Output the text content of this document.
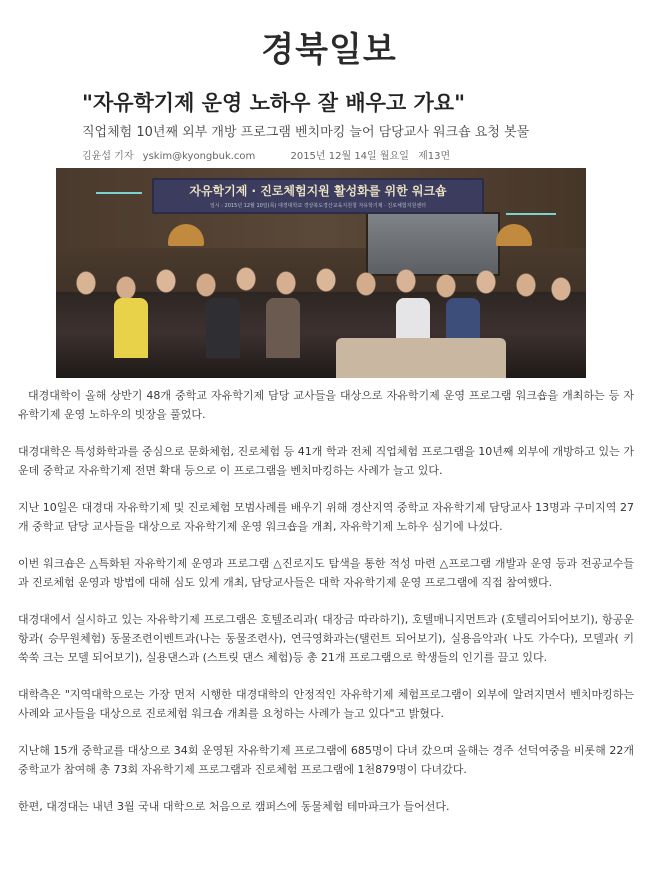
경북일보
"자유학기제 운영 노하우 잘 배우고 가요"
직업체험 10년째 외부 개방 프로그램 벤치마킹 늘어 담당교사 워크숍 요청 봇물
김윤섭 기자 yskim@kyongbuk.com	2015년 12월 14일 월요일 제13면
자유학기제 · 진로체험지원 활성화를 위한 워크숍
일시 : 2015년 12월 10일(목) 대경대학교 경상북도경산교육지원청 자유학기제 · 진로체험지원센터

대경대학이 올해 상반기 48개 중학교 자유학기제 담당 교사들을 대상으로 자유학기제 운영 프로그램 워크숍을 개최하는 등 자유학기제 운영 노하우의 빗장을 풀었다.

대경대학은 특성화학과를 중심으로 문화체험, 진로체험 등 41개 학과 전체 직업체험 프로그램을 10년째 외부에 개방하고 있는 가운데 중학교 자유학기제 전면 확대 등으로 이 프로그램을 벤치마킹하는 사례가 늘고 있다.

지난 10일은 대경대 자유학기제 및 진로체험 모범사례를 배우기 위해 경산지역 중학교 자유학기제 담당교사 13명과 구미지역 27개 중학교 담당 교사들을 대상으로 자유학기제 운영 워크숍을 개최, 자유학기제 노하우 심기에 나섰다.

이번 워크숍은 △특화된 자유학기제 운영과 프로그램 △진로지도 탐색을 통한 적성 마련 △프로그램 개발과 운영 등과 전공교수들과 진로체험 운영과 방법에 대해 심도 있게 개최, 담당교사들은 대학 자유학기제 운영 프로그램에 직접 참여했다.

대경대에서 실시하고 있는 자유학기제 프로그램은 호텔조리과( 대장금 따라하기), 호텔매니지먼트과 (호텔리어되어보기), 항공운항과( 승무원체험) 동물조련이벤트과(나는 동물조련사), 연극영화과는(탤런트 되어보기), 실용음악과( 나도 가수다), 모델과( 키 쑥쑥 크는 모델 되어보기), 실용댄스과 (스트릿 댄스 체험)등 총 21개 프로그램으로 학생들의 인기를 끌고 있다.

대학측은 "지역대학으로는 가장 먼저 시행한 대경대학의 안정적인 자유학기제 체험프로그램이 외부에 알려지면서 벤치마킹하는 사례와 교사들을 대상으로 진로체험 워크숍 개최를 요청하는 사례가 늘고 있다"고 밝혔다.

지난해 15개 중학교를 대상으로 34회 운영된 자유학기제 프로그램에 685명이 다녀 갔으며 올해는 경주 선덕여중을 비롯해 22개 중학교가 참여해 총 73회 자유학기제 프로그램과 진로체험 프로그램에 1천879명이 다녀갔다.

한편, 대경대는 내년 3월 국내 대학으로 처음으로 캠퍼스에 동물체험 테마파크가 들어선다.
